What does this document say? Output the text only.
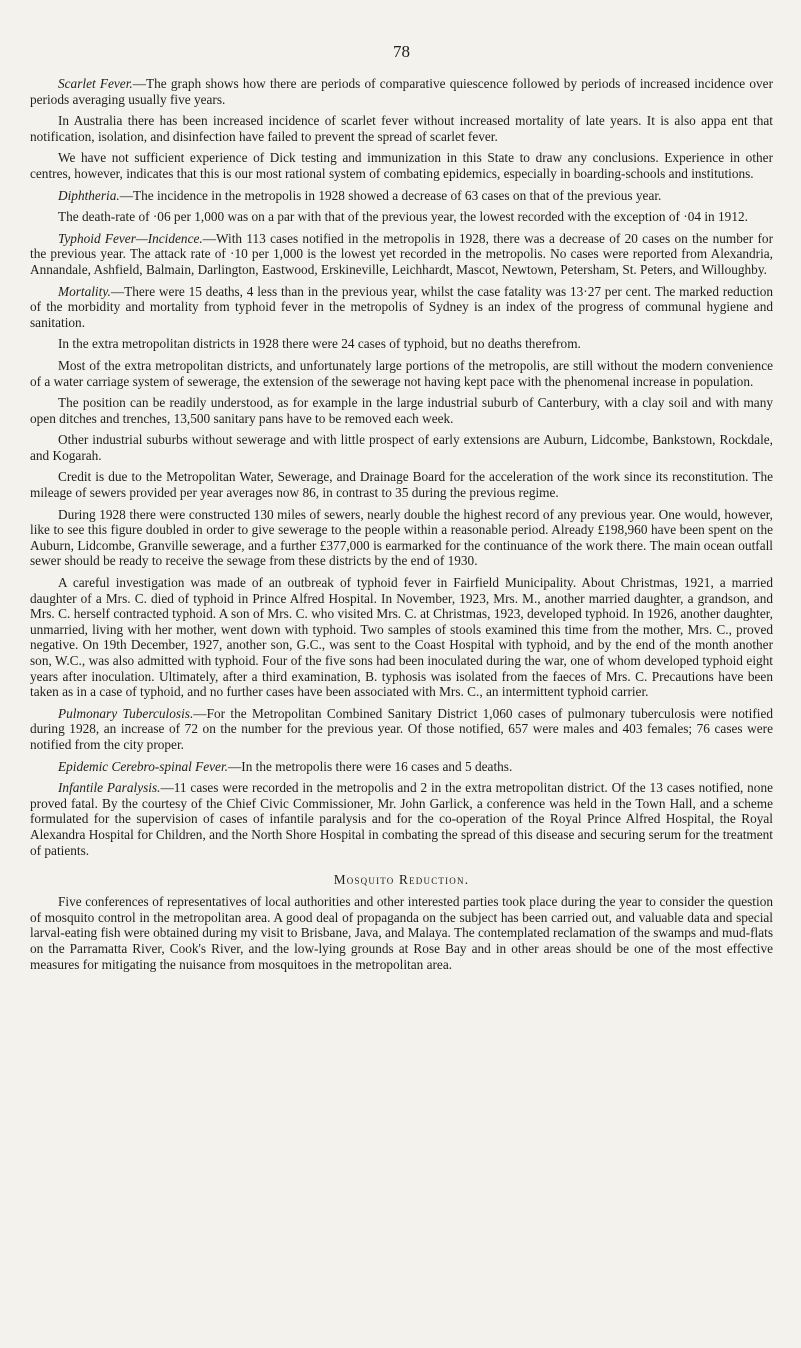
78

Scarlet Fever.—The graph shows how there are periods of comparative quiescence followed by periods of increased incidence over periods averaging usually five years.

In Australia there has been increased incidence of scarlet fever without increased mortality of late years. It is also appa ent that notification, isolation, and disinfection have failed to prevent the spread of scarlet fever.

We have not sufficient experience of Dick testing and immunization in this State to draw any conclusions. Experience in other centres, however, indicates that this is our most rational system of combating epidemics, especially in boarding-schools and institutions.

Diphtheria.—The incidence in the metropolis in 1928 showed a decrease of 63 cases on that of the previous year.

The death-rate of ·06 per 1,000 was on a par with that of the previous year, the lowest recorded with the exception of ·04 in 1912.

Typhoid Fever—Incidence.—With 113 cases notified in the metropolis in 1928, there was a decrease of 20 cases on the number for the previous year. The attack rate of ·10 per 1,000 is the lowest yet recorded in the metropolis. No cases were reported from Alexandria, Annandale, Ashfield, Balmain, Darlington, Eastwood, Erskineville, Leichhardt, Mascot, Newtown, Petersham, St. Peters, and Willoughby.

Mortality.—There were 15 deaths, 4 less than in the previous year, whilst the case fatality was 13·27 per cent. The marked reduction of the morbidity and mortality from typhoid fever in the metropolis of Sydney is an index of the progress of communal hygiene and sanitation.

In the extra metropolitan districts in 1928 there were 24 cases of typhoid, but no deaths therefrom.

Most of the extra metropolitan districts, and unfortunately large portions of the metropolis, are still without the modern convenience of a water carriage system of sewerage, the extension of the sewerage not having kept pace with the phenomenal increase in population.

The position can be readily understood, as for example in the large industrial suburb of Canterbury, with a clay soil and with many open ditches and trenches, 13,500 sanitary pans have to be removed each week.

Other industrial suburbs without sewerage and with little prospect of early extensions are Auburn, Lidcombe, Bankstown, Rockdale, and Kogarah.

Credit is due to the Metropolitan Water, Sewerage, and Drainage Board for the acceleration of the work since its reconstitution. The mileage of sewers provided per year averages now 86, in contrast to 35 during the previous regime.

During 1928 there were constructed 130 miles of sewers, nearly double the highest record of any previous year. One would, however, like to see this figure doubled in order to give sewerage to the people within a reasonable period. Already £198,960 have been spent on the Auburn, Lidcombe, Granville sewerage, and a further £377,000 is earmarked for the continuance of the work there. The main ocean outfall sewer should be ready to receive the sewage from these districts by the end of 1930.

A careful investigation was made of an outbreak of typhoid fever in Fairfield Municipality. About Christmas, 1921, a married daughter of a Mrs. C. died of typhoid in Prince Alfred Hospital. In November, 1923, Mrs. M., another married daughter, a grandson, and Mrs. C. herself contracted typhoid. A son of Mrs. C. who visited Mrs. C. at Christmas, 1923, developed typhoid. In 1926, another daughter, unmarried, living with her mother, went down with typhoid. Two samples of stools examined this time from the mother, Mrs. C., proved negative. On 19th December, 1927, another son, G.C., was sent to the Coast Hospital with typhoid, and by the end of the month another son, W.C., was also admitted with typhoid. Four of the five sons had been inoculated during the war, one of whom developed typhoid eight years after inoculation. Ultimately, after a third examination, B. typhosis was isolated from the faeces of Mrs. C. Precautions have been taken as in a case of typhoid, and no further cases have been associated with Mrs. C., an intermittent typhoid carrier.

Pulmonary Tuberculosis.—For the Metropolitan Combined Sanitary District 1,060 cases of pulmonary tuberculosis were notified during 1928, an increase of 72 on the number for the previous year. Of those notified, 657 were males and 403 females; 76 cases were notified from the city proper.

Epidemic Cerebro-spinal Fever.—In the metropolis there were 16 cases and 5 deaths.

Infantile Paralysis.—11 cases were recorded in the metropolis and 2 in the extra metropolitan district. Of the 13 cases notified, none proved fatal. By the courtesy of the Chief Civic Commissioner, Mr. John Garlick, a conference was held in the Town Hall, and a scheme formulated for the supervision of cases of infantile paralysis and for the co-operation of the Royal Prince Alfred Hospital, the Royal Alexandra Hospital for Children, and the North Shore Hospital in combating the spread of this disease and securing serum for the treatment of patients.

Mosquito Reduction.

Five conferences of representatives of local authorities and other interested parties took place during the year to consider the question of mosquito control in the metropolitan area. A good deal of propaganda on the subject has been carried out, and valuable data and special larval-eating fish were obtained during my visit to Brisbane, Java, and Malaya. The contemplated reclamation of the swamps and mud-flats on the Parramatta River, Cook's River, and the low-lying grounds at Rose Bay and in other areas should be one of the most effective measures for mitigating the nuisance from mosquitoes in the metropolitan area.
